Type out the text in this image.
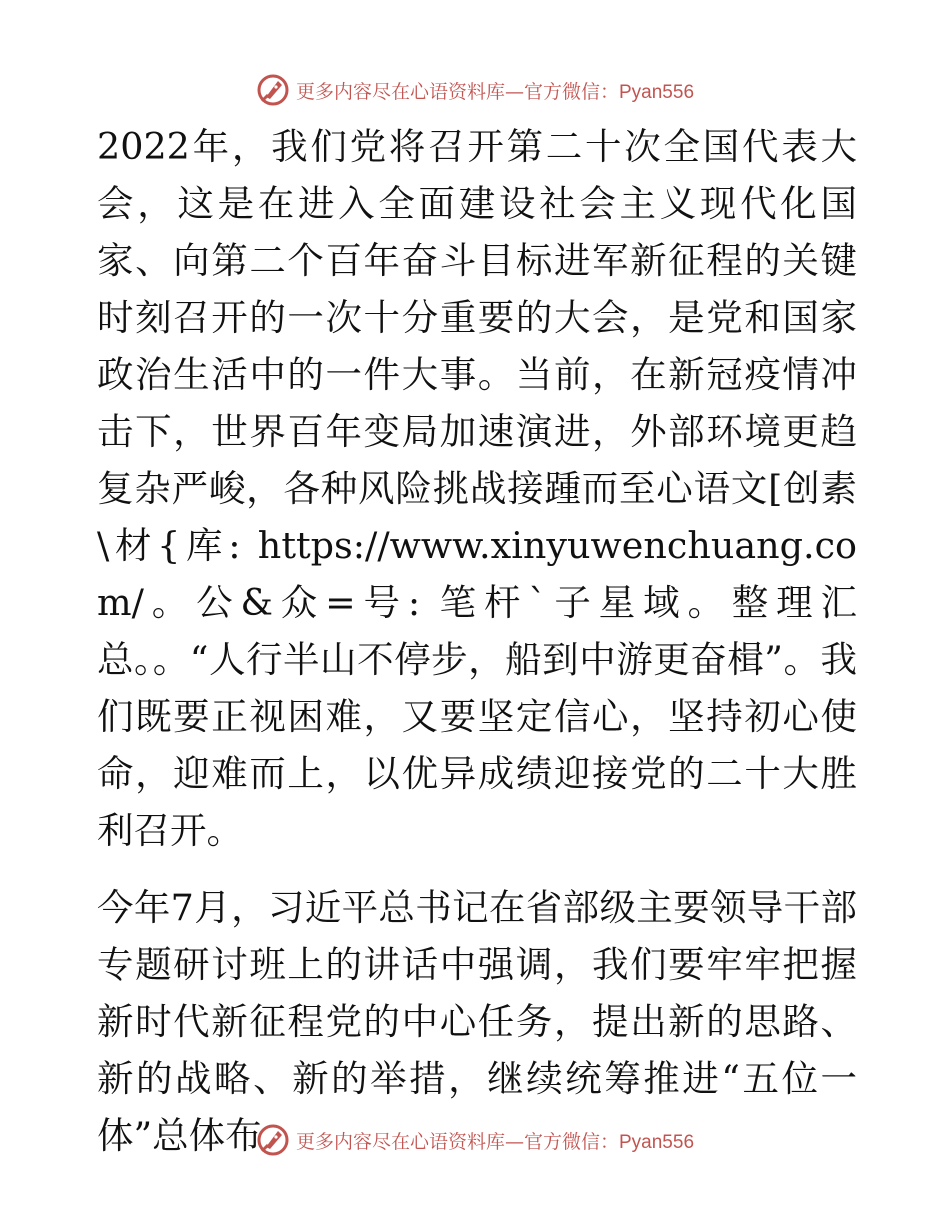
更多内容尽在心语资料库—官方微信：Pyan556

2022年，我们党将召开第二十次全国代表大会，这是在进入全面建设社会主义现代化国家、向第二个百年奋斗目标进军新征程的关键时刻召开的一次十分重要的大会，是党和国家政治生活中的一件大事。当前，在新冠疫情冲击下，世界百年变局加速演进，外部环境更趋复杂严峻，各种风险挑战接踵而至心语文[创素\材{库: https://www.xinyuwenchuang.com/。公&众=号: 笔杆`子星域。整理汇总。。“人行半山不停步，船到中游更奋楫”。我们既要正视困难，又要坚定信心，坚持初心使命，迎难而上，以优异成绩迎接党的二十大胜利召开。

今年7月，习近平总书记在省部级主要领导干部专题研讨班上的讲话中强调，我们要牢牢把握新时代新征程党的中心任务，提出新的思路、新的战略、新的举措，继续统筹推进“五位一体”总体布	更多内容尽在心语资料库—官方微信：Pyan556
